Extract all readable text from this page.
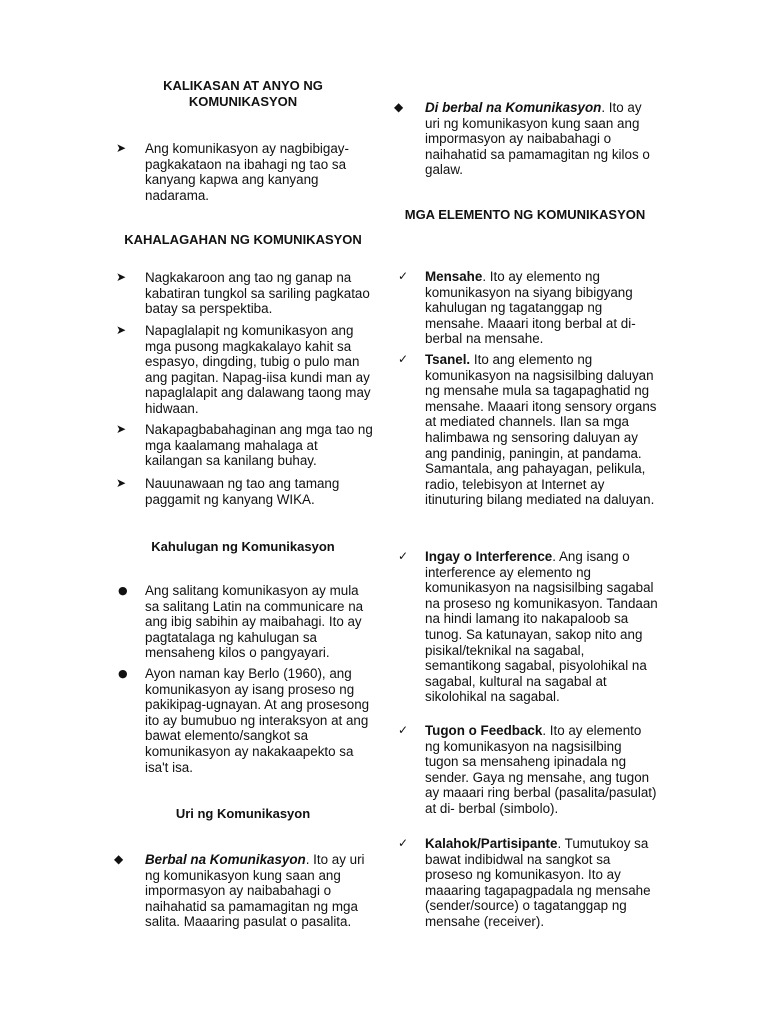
KALIKASAN AT ANYO NG KOMUNIKASYON

➤ Ang komunikasyon ay nagbibigay-pagkakataon na ibahagi ng tao sa kanyang kapwa ang kanyang nadarama.

KAHALAGAHAN NG KOMUNIKASYON

➤ Nagkakaroon ang tao ng ganap na kabatiran tungkol sa sariling pagkatao batay sa perspektiba.
➤ Napaglalapit ng komunikasyon ang mga pusong magkakalayo kahit sa espasyo, dingding, tubig o pulo man ang pagitan. Napag-iisa kundi man ay napaglalapit ang dalawang taong may hidwaan.
➤ Nakapagbabahaginan ang mga tao ng mga kaalamang mahalaga at kailangan sa kanilang buhay.
➤ Nauunawaan ng tao ang tamang paggamit ng kanyang WIKA.

Kahulugan ng Komunikasyon

● Ang salitang komunikasyon ay mula sa salitang Latin na communicare na ang ibig sabihin ay maibahagi. Ito ay pagtatalaga ng kahulugan sa mensaheng kilos o pangyayari.
● Ayon naman kay Berlo (1960), ang komunikasyon ay isang proseso ng pakikipag-ugnayan. At ang prosesong ito ay bumubuo ng interaksyon at ang bawat elemento/sangkot sa komunikasyon ay nakakaapekto sa isa't isa.

Uri ng Komunikasyon

◆ Berbal na Komunikasyon. Ito ay uri ng komunikasyon kung saan ang impormasyon ay naibabahagi o naihahatid sa pamamagitan ng mga salita. Maaaring pasulat o pasalita.
◆ Di berbal na Komunikasyon. Ito ay uri ng komunikasyon kung saan ang impormasyon ay naibabahagi o naihahatid sa pamamagitan ng kilos o galaw.

MGA ELEMENTO NG KOMUNIKASYON

✓ Mensahe. Ito ay elemento ng komunikasyon na siyang bibigyang kahulugan ng tagatanggap ng mensahe. Maaari itong berbal at di-berbal na mensahe.
✓ Tsanel. Ito ang elemento ng komunikasyon na nagsisilbing daluyan ng mensahe mula sa tagapaghatid ng mensahe. Maaari itong sensory organs at mediated channels. Ilan sa mga halimbawa ng sensoring daluyan ay ang pandinig, paningin, at pandama. Samantala, ang pahayagan, pelikula, radio, telebisyon at Internet ay itinuturing bilang mediated na daluyan.
✓ Ingay o Interference. Ang isang o interference ay elemento ng komunikasyon na nagsisilbing sagabal na proseso ng komunikasyon. Tandaan na hindi lamang ito nakapaloob sa tunog. Sa katunayan, sakop nito ang pisikal/teknikal na sagabal, semantikong sagabal, pisyolohikal na sagabal, kultural na sagabal at sikolohikal na sagabal.
✓ Tugon o Feedback. Ito ay elemento ng komunikasyon na nagsisilbing tugon sa mensaheng ipinadala ng sender. Gaya ng mensahe, ang tugon ay maaari ring berbal (pasalita/pasulat) at di- berbal (simbolo).
✓ Kalahok/Partisipante. Tumutukoy sa bawat indibidwal na sangkot sa proseso ng komunikasyon. Ito ay maaaring tagapagpadala ng mensahe (sender/source) o tagatanggap ng mensahe (receiver).
